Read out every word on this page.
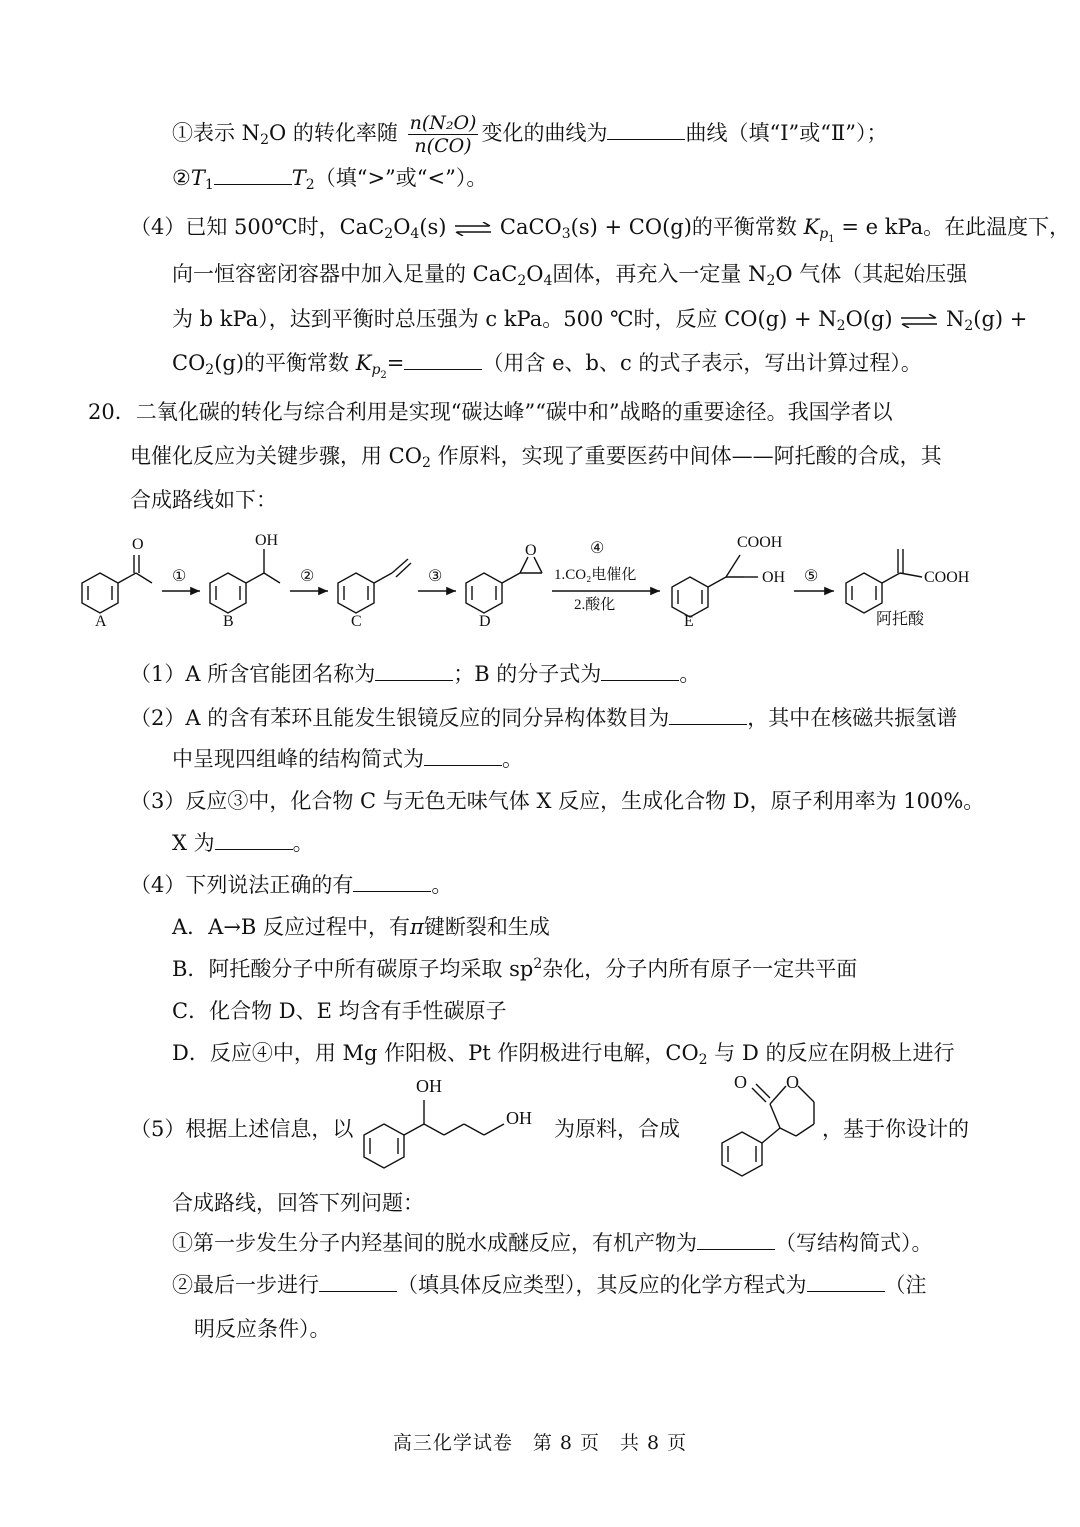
①表示 $N_2O$ 的转化率随 $\frac{\text{n(N₂O)}}{n(CO)}$ 变化的曲线为	曲线（填“Ⅰ”或“Ⅱ”）；
$②T_1$	$T_2$（填“>”或“<”）。
（4）已知 500℃时，$CaC_2O_4(s)$ ⇌ CaCO$_3$(s) + CO(g)的平衡常数 $K_{p1} = e$ kPa。在此温度下，
向一恒容密闭容器中加入足量的 $CaC_2O_4$固体，再充入一定量 $N_2O$ 气体（其起始压强
为 b kPa），达到平衡时总压强为 c kPa。500 ℃时，反应 $CO(g) + N_2O(g)$ ⇌ $N_2(g)$ +
$CO_2(g)$的平衡常数 $K_{p2}=$	（用含 e、b、c 的式子表示，写出计算过程）。
20．二氧化碳的转化与综合利用是实现“碳达峰”“碳中和”战略的重要途径。我国学者以
电催化反应为关键步骤，用 $CO_2$ 作原料，实现了重要医药中间体——阿托酸的合成，其
合成路线如下：
O	OH
O	COOH
OH	COOH
①	②	③
④
⑤
1.CO₂电催化
2.酸化
A	B	C	D	E	阿托酸
（1）A 所含官能团名称为	；B 的分子式为	。
（2）A 的含有苯环且能发生银镜反应的同分异构体数目为	，其中在核磁共振氢谱
中呈现四组峰的结构简式为	。
（3）反应③中，化合物 C 与无色无味气体 X 反应，生成化合物 D，原子利用率为 100%。
X 为	。
（4）下列说法正确的有	。
A．A→B 反应过程中，有π键断裂和生成
B．阿托酸分子中所有碳原子均采取 $sp^2$杂化，分子内所有原子一定共平面
C．化合物 D、E 均含有手性碳原子
D．反应④中，用 Mg 作阳极、Pt 作阴极进行电解，$CO_2$ 与 D 的反应在阴极上进行
（5）根据上述信息，以
OH
OH 为原料，合成
O O
，基于你设计的
合成路线，回答下列问题：
①第一步发生分子内羟基间的脱水成醚反应，有机产物为	（写结构简式）。
②最后一步进行	（填具体反应类型），其反应的化学方程式为	（注
明反应条件）。
高三化学试卷　第 8 页　共 8 页
